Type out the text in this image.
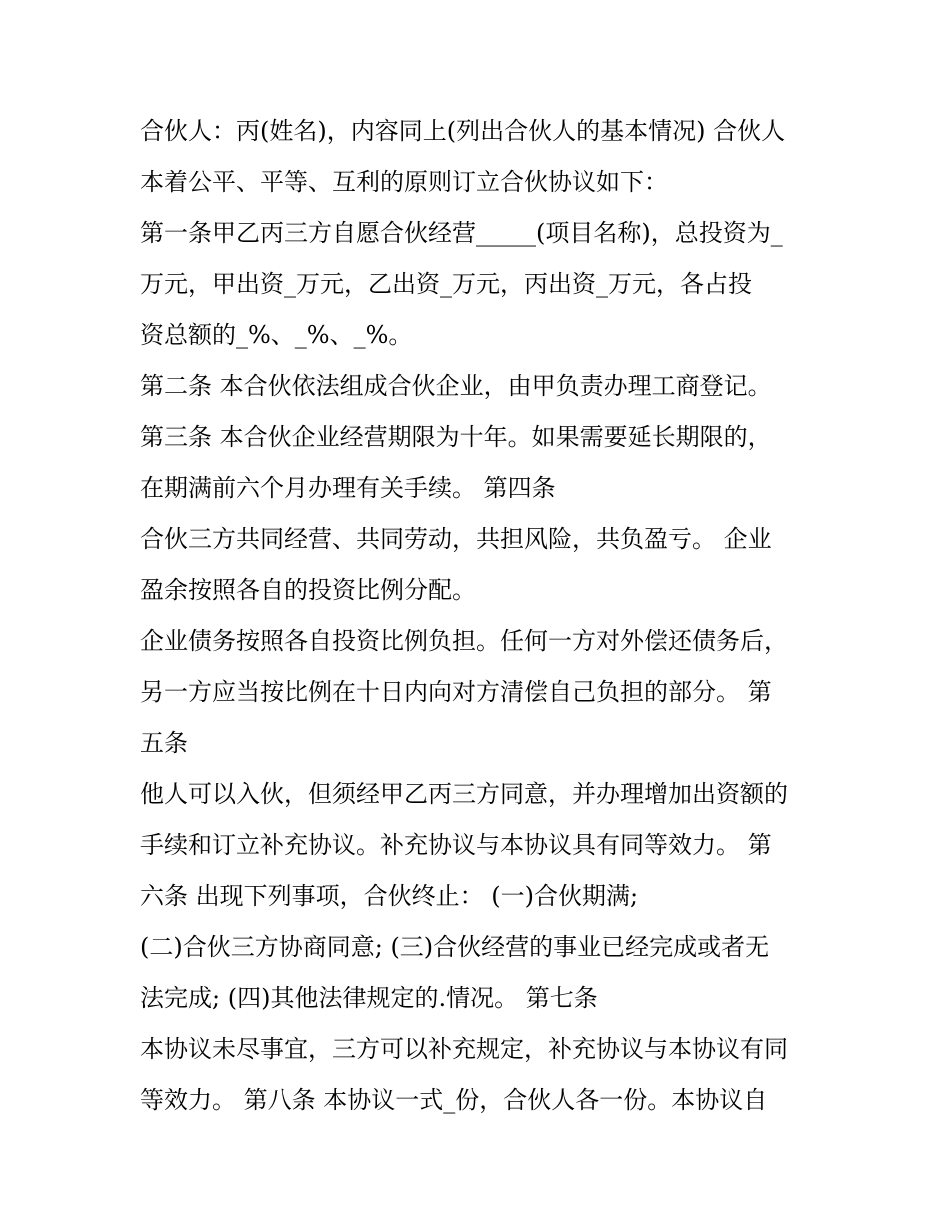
合伙人：丙(姓名)，内容同上(列出合伙人的基本情况) 合伙人
本着公平、平等、互利的原则订立合伙协议如下：
第一条甲乙丙三方自愿合伙经营_____(项目名称)，总投资为_
万元，甲出资_万元，乙出资_万元，丙出资_万元，各占投
资总额的_%、_%、_%。
第二条 本合伙依法组成合伙企业，由甲负责办理工商登记。
第三条 本合伙企业经营期限为十年。如果需要延长期限的，
在期满前六个月办理有关手续。 第四条
合伙三方共同经营、共同劳动，共担风险，共负盈亏。 企业
盈余按照各自的投资比例分配。
企业债务按照各自投资比例负担。任何一方对外偿还债务后，
另一方应当按比例在十日内向对方清偿自己负担的部分。 第
五条
他人可以入伙，但须经甲乙丙三方同意，并办理增加出资额的
手续和订立补充协议。补充协议与本协议具有同等效力。 第
六条 出现下列事项，合伙终止： (一)合伙期满;
(二)合伙三方协商同意; (三)合伙经营的事业已经完成或者无
法完成; (四)其他法律规定的.情况。 第七条
本协议未尽事宜，三方可以补充规定，补充协议与本协议有同
等效力。 第八条 本协议一式_份，合伙人各一份。本协议自
